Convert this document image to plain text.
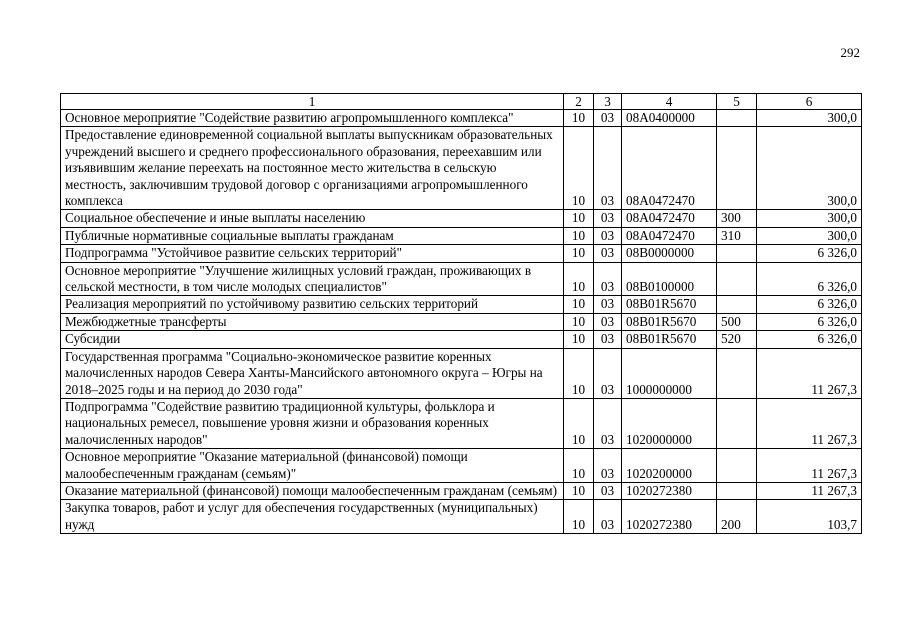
292
1	2	3	4	5	6
Основное мероприятие "Содействие развитию агропромышленного комплекса"	10	03	08А0400000		300,0
Предоставление единовременной социальной выплаты выпускникам образовательных учреждений высшего и среднего профессионального образования, переехавшим или изъявившим желание переехать на постоянное место жительства в сельскую местность, заключившим трудовой договор с организациями агропромышленного комплекса	10	03	08А0472470		300,0
Социальное обеспечение и иные выплаты населению	10	03	08А0472470	300	300,0
Публичные нормативные социальные выплаты гражданам	10	03	08А0472470	310	300,0
Подпрограмма "Устойчивое развитие сельских территорий"	10	03	08В0000000		6 326,0
Основное мероприятие "Улучшение жилищных условий граждан, проживающих в сельской местности, в том числе молодых специалистов"	10	03	08В0100000		6 326,0
Реализация мероприятий по устойчивому развитию сельских территорий	10	03	08В01R5670		6 326,0
Межбюджетные трансферты	10	03	08В01R5670	500	6 326,0
Субсидии	10	03	08В01R5670	520	6 326,0
Государственная программа "Социально-экономическое развитие коренных малочисленных народов Севера Ханты-Мансийского автономного округа – Югры на 2018–2025 годы и на период до 2030 года"	10	03	1000000000		11 267,3
Подпрограмма "Содействие развитию традиционной культуры, фольклора и национальных ремесел, повышение уровня жизни и образования коренных малочисленных народов"	10	03	1020000000		11 267,3
Основное мероприятие "Оказание материальной (финансовой) помощи малообеспеченным гражданам (семьям)"	10	03	1020200000		11 267,3
Оказание материальной (финансовой) помощи малообеспеченным гражданам (семьям)	10	03	1020272380		11 267,3
Закупка товаров, работ и услуг для обеспечения государственных (муниципальных) нужд	10	03	1020272380	200	103,7
